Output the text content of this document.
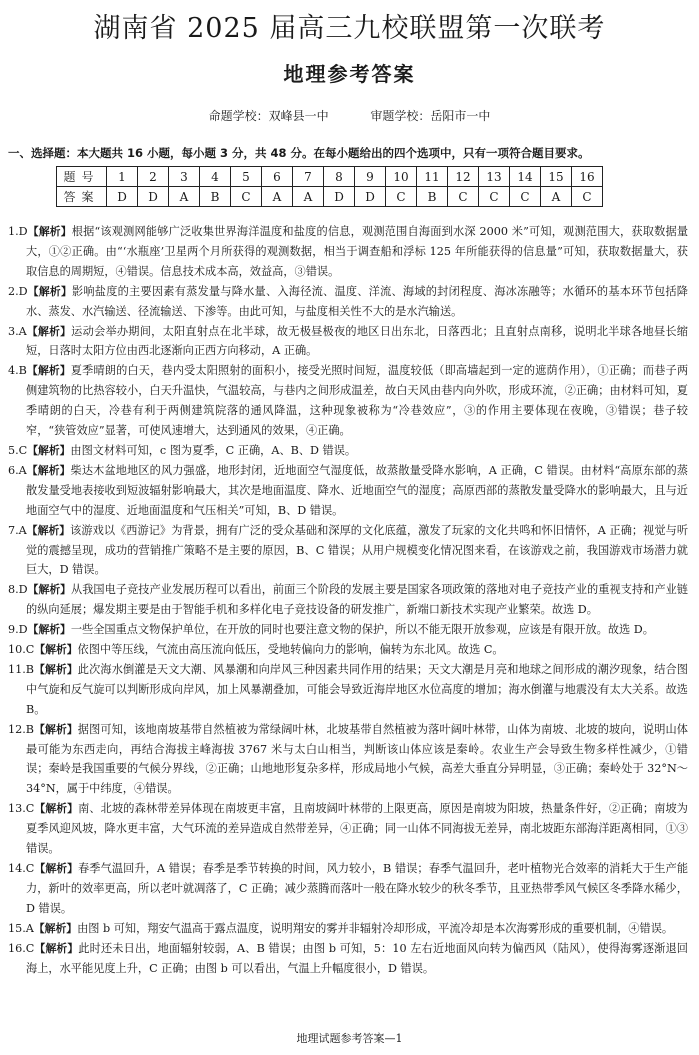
湖南省 2025 届高三九校联盟第一次联考
地理参考答案
命题学校：双峰县一中	审题学校：岳阳市一中
一、选择题：本大题共 16 小题，每小题 3 分，共 48 分。在每小题给出的四个选项中，只有一项符合题目要求。
题号	1	2	3	4	5	6	7	8	9	10	11	12	13	14	15	16
答案	D	D	A	B	C	A	A	D	D	C	B	C	C	C	A	C

1.D【解析】根据“该观测网能够广泛收集世界海洋温度和盐度的信息，观测范围自海面到水深 2000 米”可知，观测范围大，获取数据量大，①②正确。由“‘水瓶座’卫星两个月所获得的观测数据，相当于调查船和浮标 125 年所能获得的信息量”可知，获取数据量大，获取信息的周期短，④错误。信息技术成本高，效益高，③错误。

2.D【解析】影响盐度的主要因素有蒸发量与降水量、入海径流、温度、洋流、海域的封闭程度、海冰冻融等；水循环的基本环节包括降水、蒸发、水汽输送、径流输送、下渗等。由此可知，与盐度相关性不大的是水汽输送。

3.A【解析】运动会举办期间，太阳直射点在北半球，故无极昼极夜的地区日出东北，日落西北；且直射点南移，说明北半球各地昼长缩短，日落时太阳方位由西北逐渐向正西方向移动，A 正确。

4.B【解析】夏季晴朗的白天，巷内受太阳照射的面积小，接受光照时间短，温度较低（即高墙起到一定的遮荫作用），①正确；而巷子两侧建筑物的比热容较小，白天升温快，气温较高，与巷内之间形成温差，故白天风由巷内向外吹，形成环流，②正确；由材料可知，夏季晴朗的白天，冷巷有利于两侧建筑院落的通风降温，这种现象被称为“冷巷效应”，③的作用主要体现在夜晚，③错误；巷子较窄，“狭管效应”显著，可使风速增大，达到通风的效果，④正确。

5.C【解析】由图文材料可知，c 图为夏季，C 正确，A、B、D 错误。

6.A【解析】柴达木盆地地区的风力强盛，地形封闭，近地面空气湿度低，故蒸散量受降水影响，A 正确，C 错误。由材料“高原东部的蒸散发量受地表接收到短波辐射影响最大，其次是地面温度、降水、近地面空气的湿度；高原西部的蒸散发量受降水的影响最大，且与近地面空气中的湿度、近地面温度和气压相关”可知，B、D 错误。

7.A【解析】该游戏以《西游记》为背景，拥有广泛的受众基础和深厚的文化底蕴，激发了玩家的文化共鸣和怀旧情怀，A 正确；视觉与听觉的震撼呈现，成功的营销推广策略不是主要的原因，B、C 错误；从用户规模变化情况图来看，在该游戏之前，我国游戏市场潜力就巨大，D 错误。

8.D【解析】从我国电子竞技产业发展历程可以看出，前面三个阶段的发展主要是国家各项政策的落地对电子竞技产业的重视支持和产业链的纵向延展；爆发期主要是由于智能手机和多样化电子竞技设备的研发推广，新端口新技术实现产业繁荣。故选 D。

9.D【解析】一些全国重点文物保护单位，在开放的同时也要注意文物的保护，所以不能无限开放参观，应该是有限开放。故选 D。

10.C【解析】依图中等压线，气流由高压流向低压，受地转偏向力的影响，偏转为东北风。故选 C。

11.B【解析】此次海水倒灌是天文大潮、风暴潮和向岸风三种因素共同作用的结果；天文大潮是月亮和地球之间形成的潮汐现象，结合图中气旋和反气旋可以判断形成向岸风，加上风暴潮叠加，可能会导致近海岸地区水位高度的增加；海水倒灌与地震没有太大关系。故选 B。

12.B【解析】据图可知，该地南坡基带自然植被为常绿阔叶林，北坡基带自然植被为落叶阔叶林带，山体为南坡、北坡的坡向，说明山体最可能为东西走向，再结合海拔主峰海拔 3767 米与太白山相当，判断该山体应该是秦岭。农业生产会导致生物多样性减少，①错误；秦岭是我国重要的气候分界线，②正确；山地地形复杂多样，形成局地小气候，高差大垂直分异明显，③正确；秦岭处于 32°N～34°N，属于中纬度，④错误。

13.C【解析】南、北坡的森林带差异体现在南坡更丰富，且南坡阔叶林带的上限更高，原因是南坡为阳坡，热量条件好，②正确；南坡为夏季风迎风坡，降水更丰富，大气环流的差异造成自然带差异，④正确；同一山体不同海拔无差异，南北坡距东部海洋距离相同，①③错误。

14.C【解析】春季气温回升，A 错误；春季是季节转换的时间，风力较小，B 错误；春季气温回升，老叶植物光合效率的消耗大于生产能力，新叶的效率更高，所以老叶就凋落了，C 正确；减少蒸腾而落叶一般在降水较少的秋冬季节，且亚热带季风气候区冬季降水稀少，D 错误。

15.A【解析】由图 b 可知，翔安气温高于露点温度，说明翔安的雾并非辐射冷却形成，平流冷却是本次海雾形成的重要机制，④错误。

16.C【解析】此时还未日出，地面辐射较弱，A、B 错误；由图 b 可知，5：10 左右近地面风向转为偏西风（陆风），使得海雾逐渐退回海上，水平能见度上升，C 正确；由图 b 可以看出，气温上升幅度很小，D 错误。

地理试题参考答案—1
